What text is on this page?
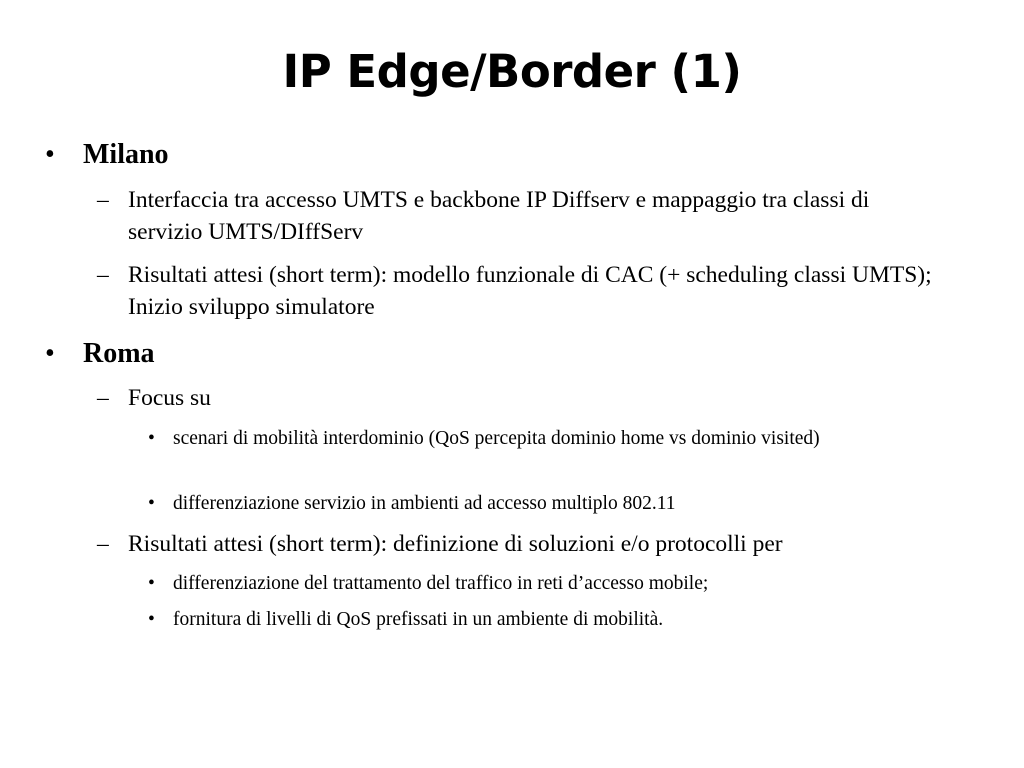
IP Edge/Border (1)
• Milano
– Interfaccia tra accesso UMTS e backbone IP Diffserv e mappaggio tra classi di servizio UMTS/DIffServ
– Risultati attesi (short term): modello funzionale di CAC (+ scheduling classi UMTS); Inizio sviluppo simulatore
• Roma
– Focus su
• scenari di mobilità interdominio (QoS percepita dominio home vs dominio visited)
• differenziazione servizio in ambienti ad accesso multiplo 802.11
– Risultati attesi (short term): definizione di soluzioni e/o protocolli per
• differenziazione del trattamento del traffico in reti d’accesso mobile;
• fornitura di livelli di QoS prefissati in un ambiente di mobilità.
